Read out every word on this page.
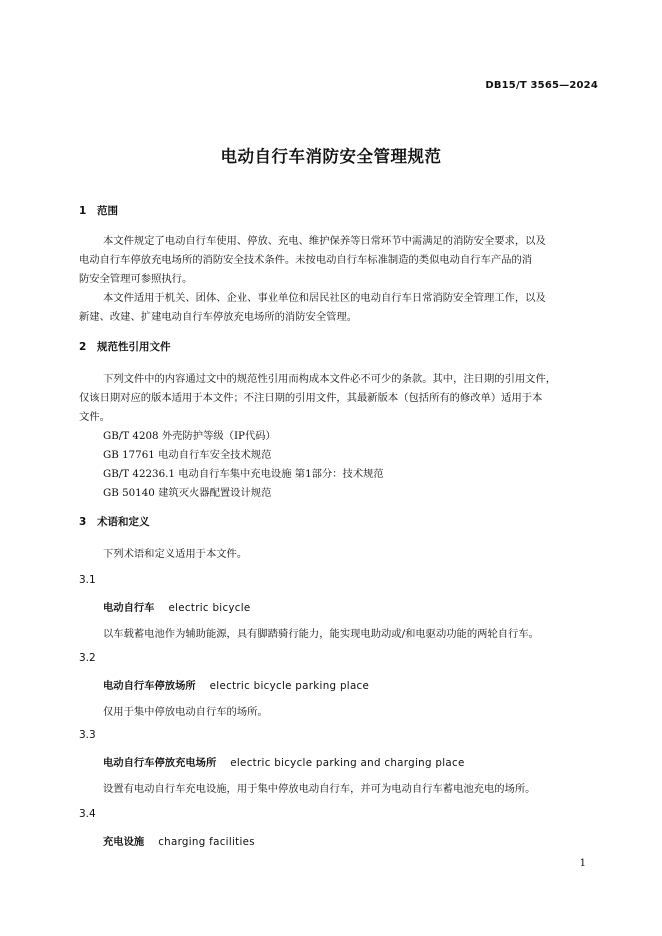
DB15/T 3565—2024
电动自行车消防安全管理规范
1 范围
本文件规定了电动自行车使用、停放、充电、维护保养等日常环节中需满足的消防安全要求，以及
电动自行车停放充电场所的消防安全技术条件。未按电动自行车标准制造的类似电动自行车产品的消
防安全管理可参照执行。
本文件适用于机关、团体、企业、事业单位和居民社区的电动自行车日常消防安全管理工作，以及
新建、改建、扩建电动自行车停放充电场所的消防安全管理。
2 规范性引用文件
下列文件中的内容通过文中的规范性引用而构成本文件必不可少的条款。其中，注日期的引用文件，
仅该日期对应的版本适用于本文件；不注日期的引用文件，其最新版本（包括所有的修改单）适用于本
文件。
GB/T 4208 外壳防护等级（IP代码）
GB 17761 电动自行车安全技术规范
GB/T 42236.1 电动自行车集中充电设施 第1部分：技术规范
GB 50140 建筑灭火器配置设计规范
3 术语和定义
下列术语和定义适用于本文件。
3.1
电动自行车 electric bicycle
以车载蓄电池作为辅助能源，具有脚踏骑行能力，能实现电助动或/和电驱动功能的两轮自行车。
3.2
电动自行车停放场所 electric bicycle parking place
仅用于集中停放电动自行车的场所。
3.3
电动自行车停放充电场所 electric bicycle parking and charging place
设置有电动自行车充电设施，用于集中停放电动自行车，并可为电动自行车蓄电池充电的场所。
3.4
充电设施 charging facilities
1
